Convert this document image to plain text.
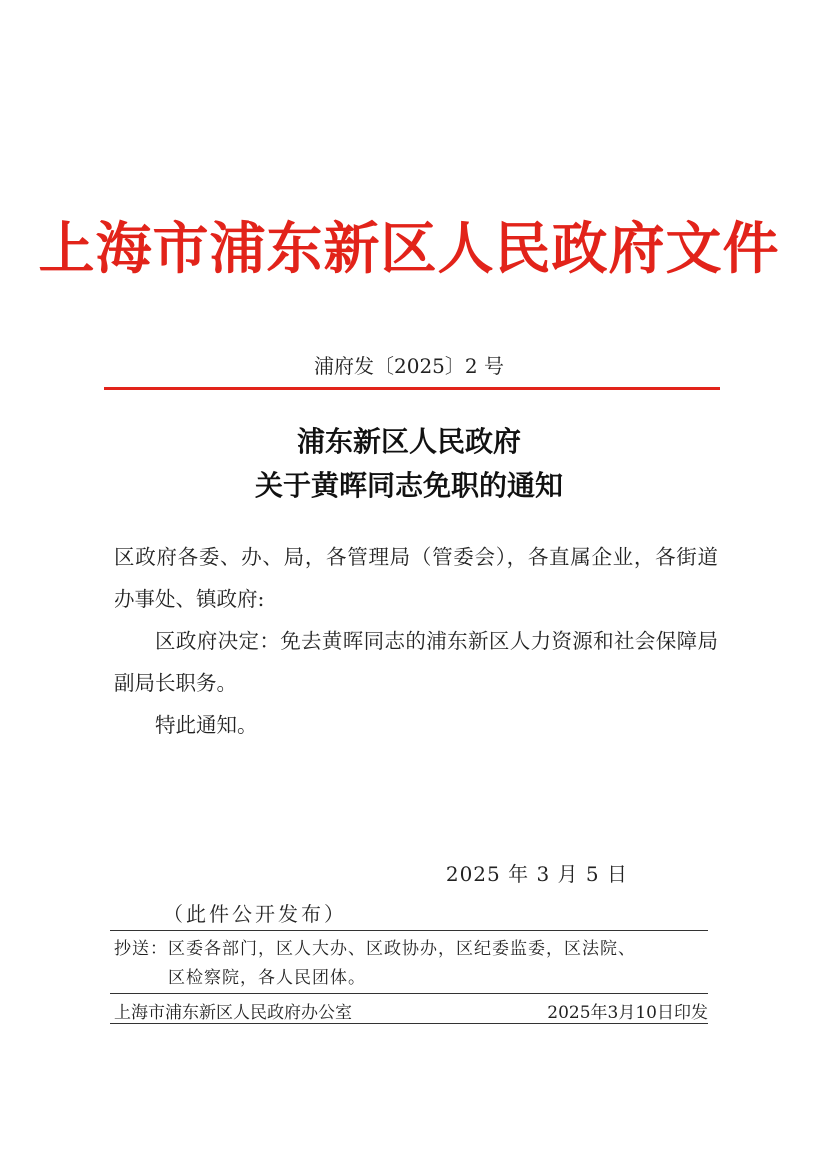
上海市浦东新区人民政府文件
浦府发〔2025〕2 号
浦东新区人民政府
关于黄晖同志免职的通知

区政府各委、办、局，各管理局（管委会），各直属企业，各街道办事处、镇政府:

区政府决定：免去黄晖同志的浦东新区人力资源和社会保障局副局长职务。

特此通知。

2025 年 3 月 5 日
（此件公开发布）
抄送：区委各部门，区人大办、区政协办，区纪委监委，区法院、
区检察院，各人民团体。
上海市浦东新区人民政府办公室	2025年3月10日印发
